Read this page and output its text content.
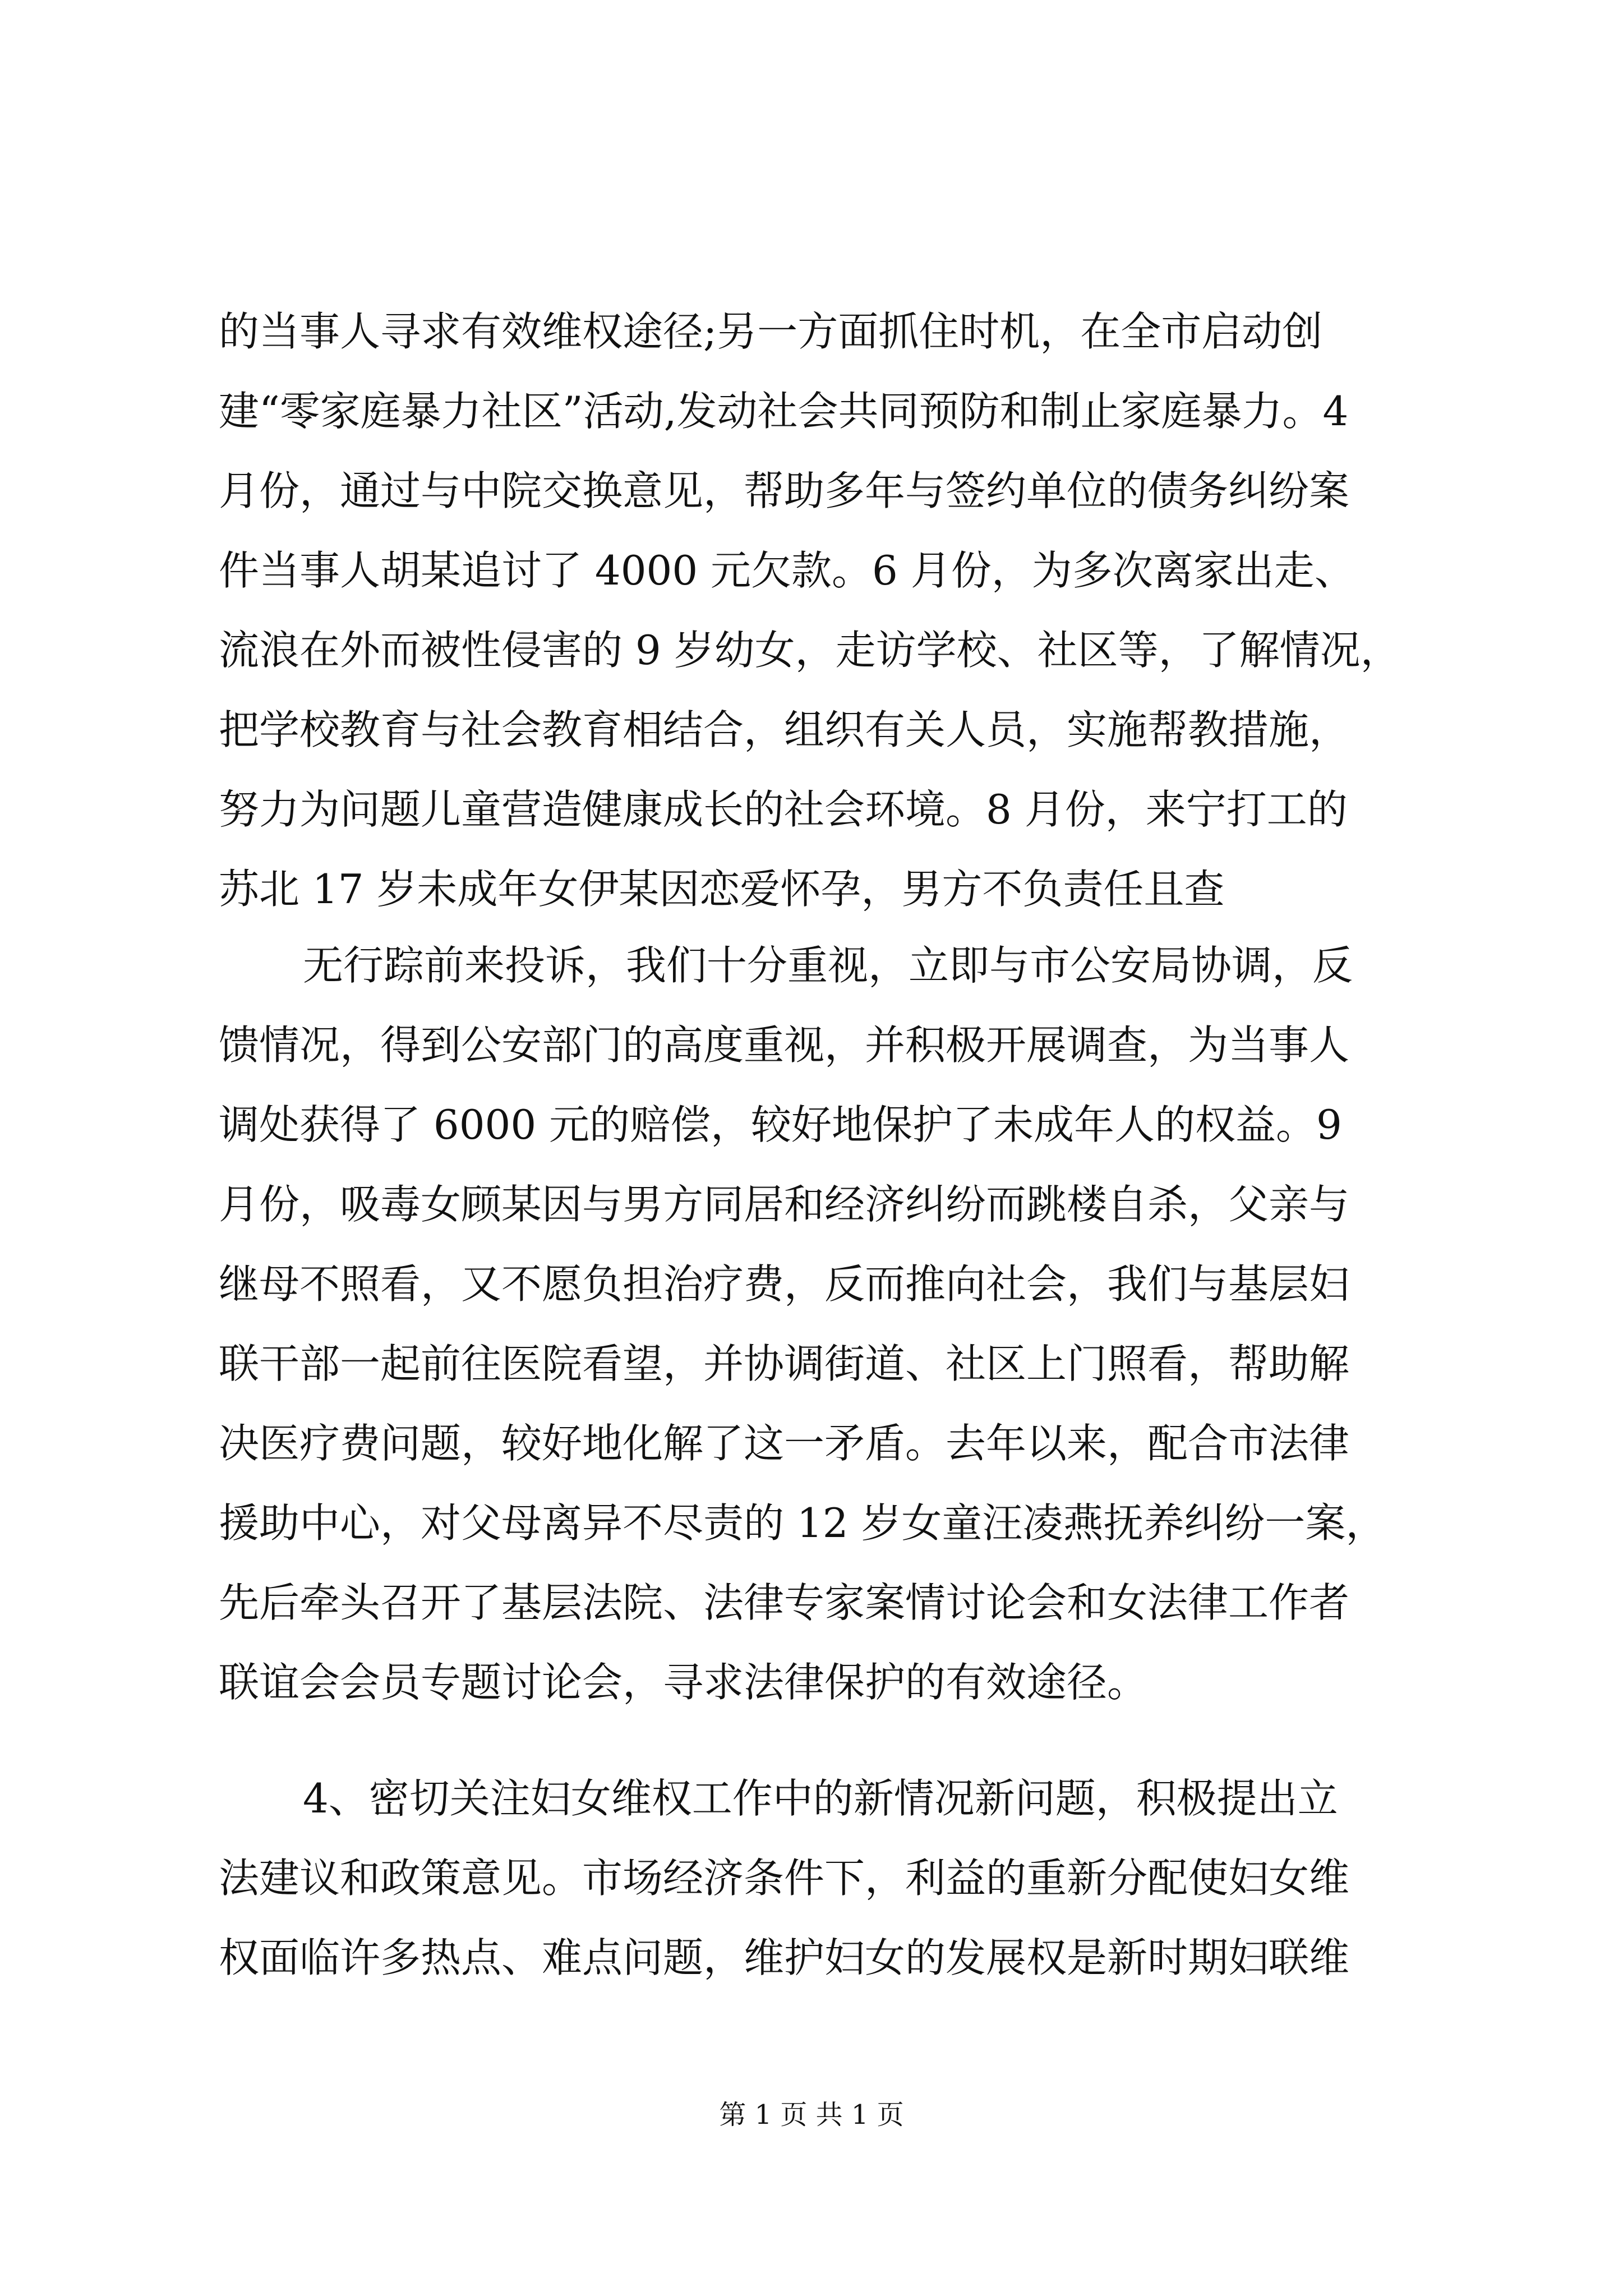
的当事人寻求有效维权途径;另一方面抓住时机，在全市启动创
建“零家庭暴力社区”活动,发动社会共同预防和制止家庭暴力。4
月份，通过与中院交换意见，帮助多年与签约单位的债务纠纷案
件当事人胡某追讨了 4000 元欠款。6 月份，为多次离家出走、
流浪在外而被性侵害的 9 岁幼女，走访学校、社区等，了解情况，
把学校教育与社会教育相结合，组织有关人员，实施帮教措施，
努力为问题儿童营造健康成长的社会环境。8 月份，来宁打工的
苏北 17 岁未成年女伊某因恋爱怀孕，男方不负责任且查
无行踪前来投诉，我们十分重视，立即与市公安局协调，反
馈情况，得到公安部门的高度重视，并积极开展调查，为当事人
调处获得了 6000 元的赔偿，较好地保护了未成年人的权益。9
月份，吸毒女顾某因与男方同居和经济纠纷而跳楼自杀，父亲与
继母不照看，又不愿负担治疗费，反而推向社会，我们与基层妇
联干部一起前往医院看望，并协调街道、社区上门照看，帮助解
决医疗费问题，较好地化解了这一矛盾。去年以来，配合市法律
援助中心，对父母离异不尽责的 12 岁女童汪凌燕抚养纠纷一案，
先后牵头召开了基层法院、法律专家案情讨论会和女法律工作者
联谊会会员专题讨论会，寻求法律保护的有效途径。
4、密切关注妇女维权工作中的新情况新问题，积极提出立
法建议和政策意见。市场经济条件下，利益的重新分配使妇女维
权面临许多热点、难点问题，维护妇女的发展权是新时期妇联维
第 1 页 共 1 页
